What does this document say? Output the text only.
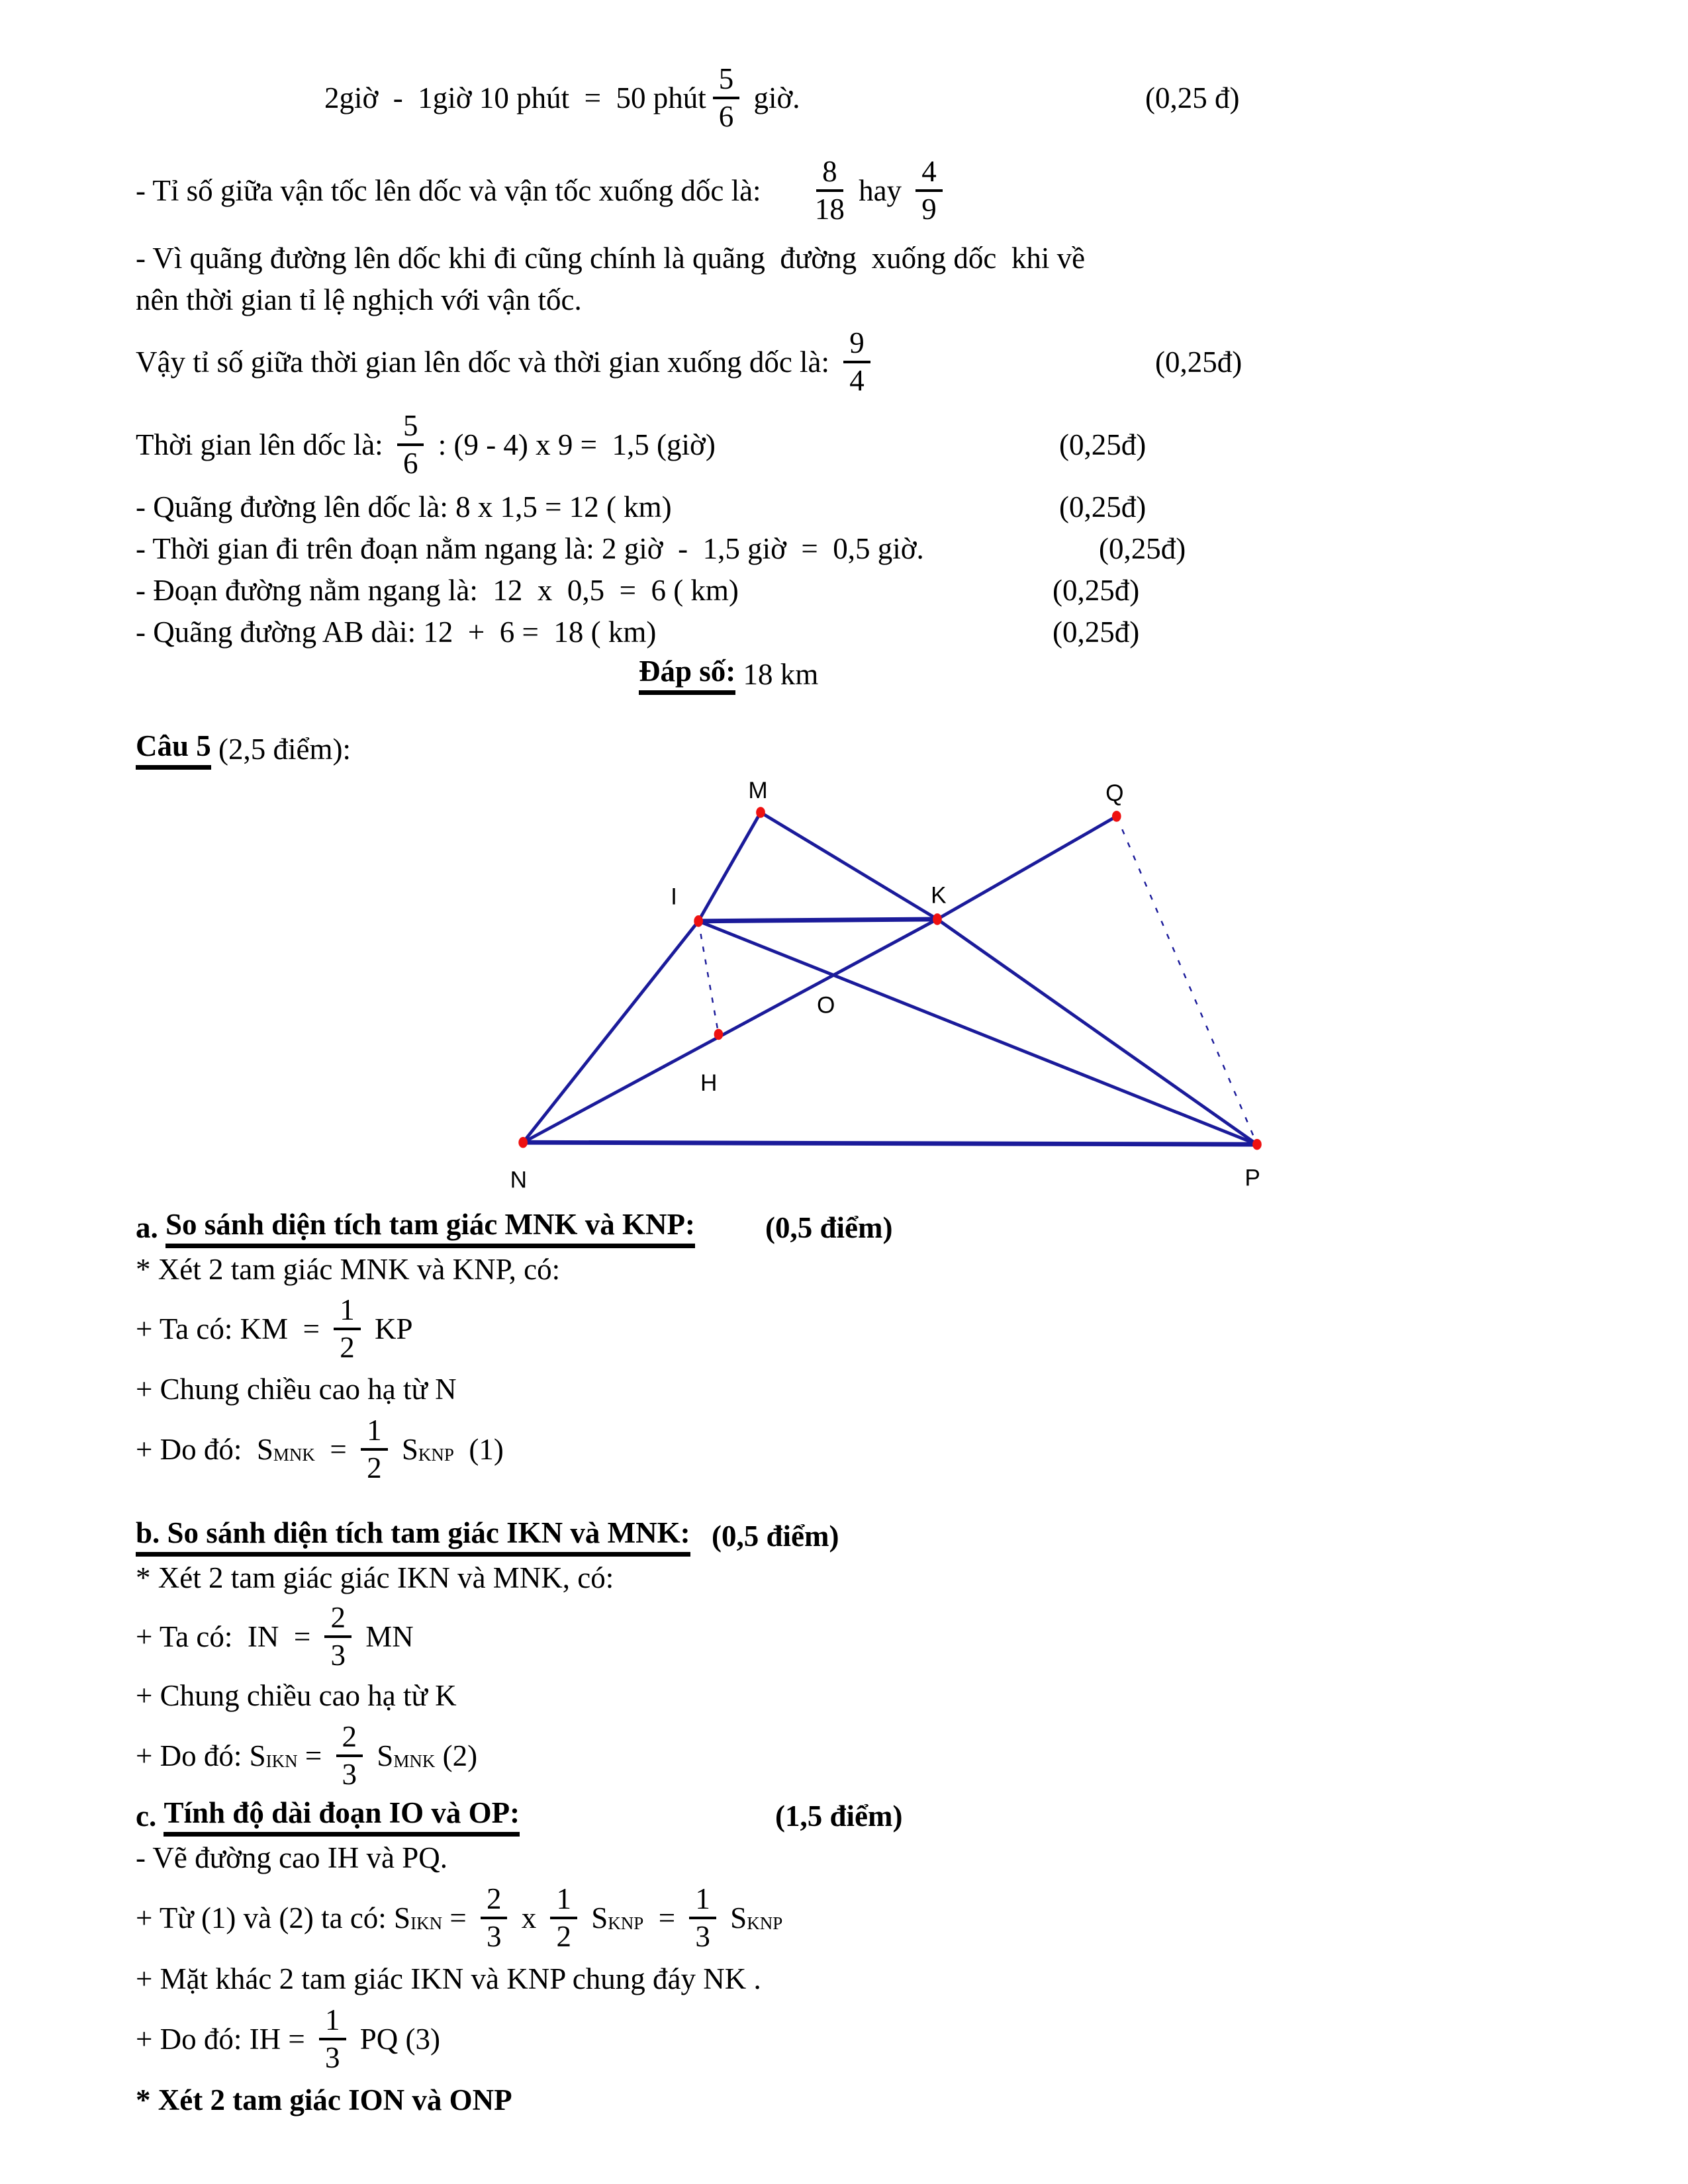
2giờ  -  1giờ 10 phút  =  50 phút $\frac{5}{6}$ giờ.	(0,25 đ)
- Tỉ số giữa vận tốc lên dốc và vận tốc xuống dốc là: $\frac{8}{18}$ hay $\frac{4}{9}$
- Vì quãng đường lên dốc khi đi cũng chính là quãng  đường  xuống dốc  khi về
nên thời gian tỉ lệ nghịch với vận tốc.
Vậy tỉ số giữa thời gian lên dốc và thời gian xuống dốc là: $\frac{9}{4}$	(0,25đ)
Thời gian lên dốc là: $\frac{5}{6}$ : (9 - 4) x 9 =  1,5 (giờ)	(0,25đ)
- Quãng đường lên dốc là: 8 x 1,5 = 12 ( km)	(0,25đ)
- Thời gian đi trên đoạn nằm ngang là: 2 giờ  -  1,5 giờ  =  0,5 giờ.	(0,25đ)
- Đoạn đường nằm ngang là:  12  x  0,5  =  6 ( km)	(0,25đ)
- Quãng đường AB dài: 12  +  6 =  18 ( km)	(0,25đ)
Đáp số: 18 km
Câu 5 (2,5 điểm):
M	Q
I	K
O
H
N	P
a. So sánh diện tích tam giác MNK và KNP: (0,5 điểm)
* Xét 2 tam giác MNK và KNP, có:
+ Ta có: KM  = $\frac{1}{2}$ KP
+ Chung chiều cao hạ từ N
+ Do đó:  $S_{MNK} = \frac{1}{2} S_{KNP}$ (1)
b. So sánh diện tích tam giác IKN và MNK: (0,5 điểm)
* Xét 2 tam giác giác IKN và MNK, có:
+ Ta có:  IN  = $\frac{2}{3}$ MN
+ Chung chiều cao hạ từ K
+ Do đó: $S_{IKN} = \frac{2}{3} S_{MNK}$ (2)
c. Tính độ dài đoạn IO và OP:	(1,5 điểm)
- Vẽ đường cao IH và PQ.
+ Từ (1) và (2) ta có: $S_{IKN} = \frac{2}{3}$ x $\frac{1}{2} S_{KNP} = \frac{1}{3} S_{KNP}$
+ Mặt khác 2 tam giác IKN và KNP chung đáy NK .
+ Do đó: IH = $\frac{1}{3}$ PQ (3)
* Xét 2 tam giác ION và ONP
